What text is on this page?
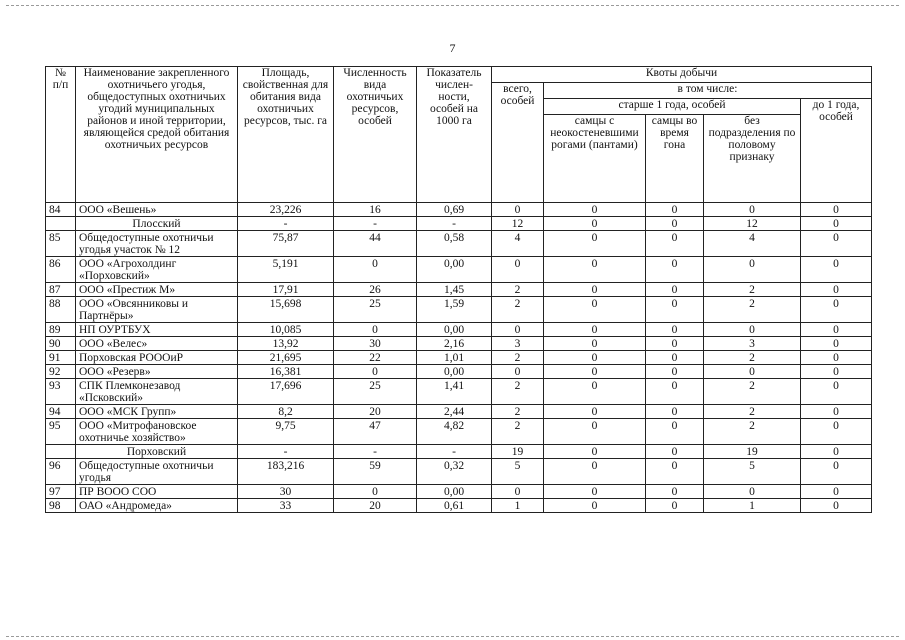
7
№ п/п	Наименование закрепленного охотничьего угодья, общедоступных охотничьих угодий муниципальных районов и иной территории, являющейся средой обитания охотничьих ресурсов	Площадь, свойственная для обитания вида охотничьих ресурсов, тыс. га	Численность вида охотничьих ресурсов, особей	Показатель числен-ности, особей на 1000 га	Квоты добычи				
					всего, особей	в том числе:			
						старше 1 года, особей			до 1 года, особей
						самцы с неокостеневшими рогами (пантами)	самцы во время гона	без подразделения по половому признаку	
84	ООО «Вешень»	23,226	16	0,69	0	0	0	0	0
	Плосский	-	-	-	12	0	0	12	0
85	Общедоступные охотничьи угодья участок № 12	75,87	44	0,58	4	0	0	4	0
86	ООО «Агрохолдинг «Порховский»	5,191	0	0,00	0	0	0	0	0
87	ООО «Престиж М»	17,91	26	1,45	2	0	0	2	0
88	ООО «Овсянниковы и Партнёры»	15,698	25	1,59	2	0	0	2	0
89	НП ОУРТБУХ	10,085	0	0,00	0	0	0	0	0
90	ООО «Велес»	13,92	30	2,16	3	0	0	3	0
91	Порховская РОООиР	21,695	22	1,01	2	0	0	2	0
92	ООО «Резерв»	16,381	0	0,00	0	0	0	0	0
93	СПК Племконезавод «Псковский»	17,696	25	1,41	2	0	0	2	0
94	ООО «МСК Групп»	8,2	20	2,44	2	0	0	2	0
95	ООО «Митрофановское охотничье хозяйство»	9,75	47	4,82	2	0	0	2	0
	Порховский	-	-	-	19	0	0	19	0
96	Общедоступные охотничьи угодья	183,216	59	0,32	5	0	0	5	0
97	ПР ВООО СОО	30	0	0,00	0	0	0	0	0
98	ОАО «Андромеда»	33	20	0,61	1	0	0	1	0
